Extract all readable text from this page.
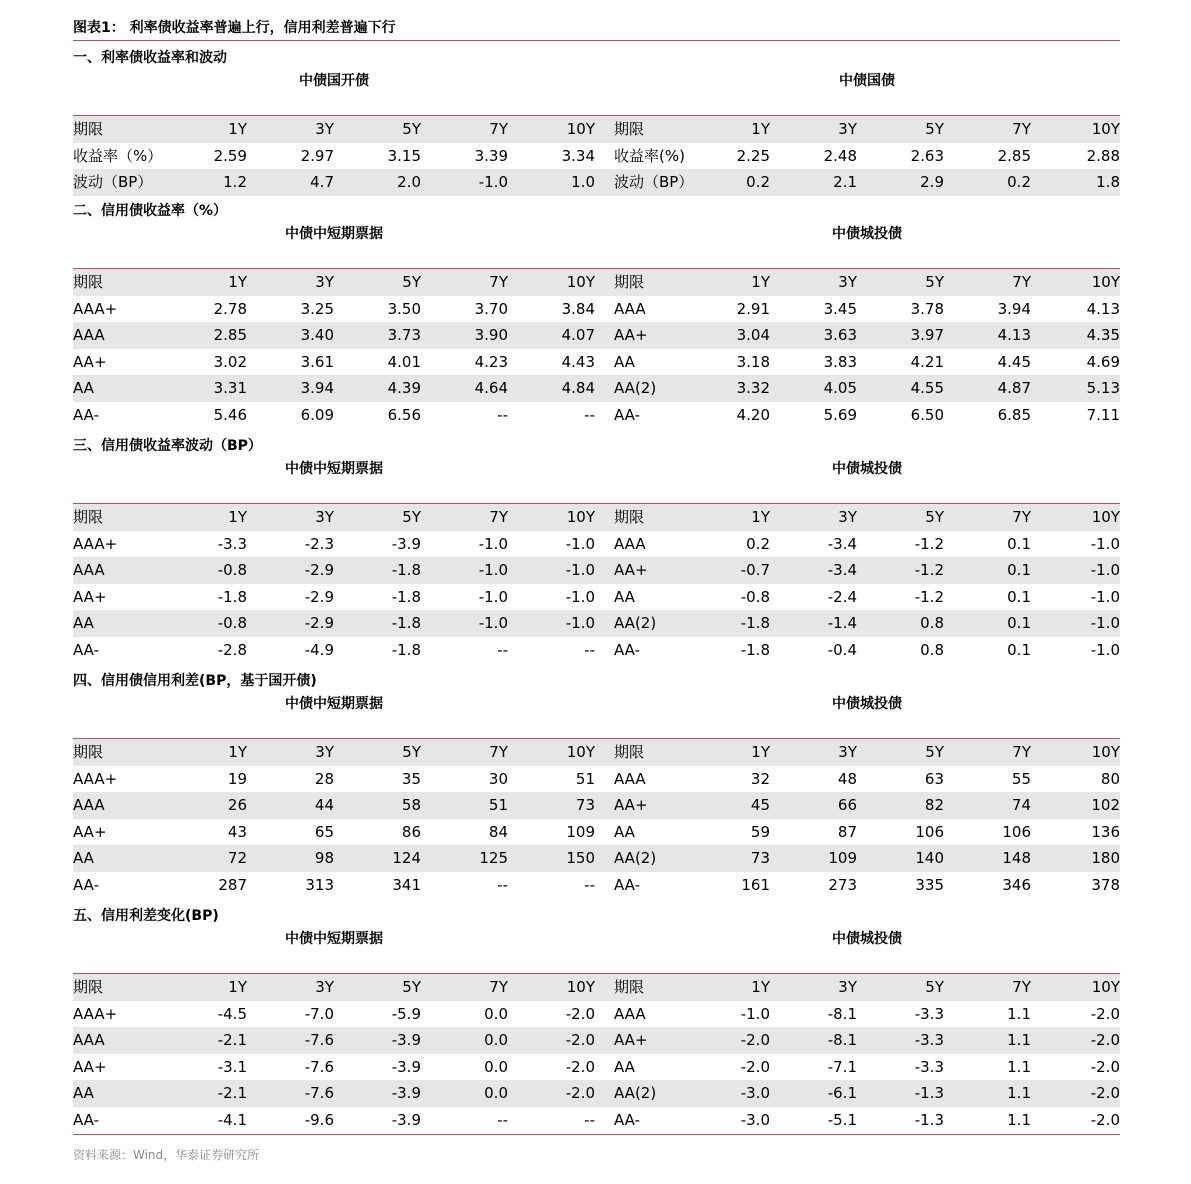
图表1： 利率债收益率普遍上行，信用利差普遍下行
一、利率债收益率和波动
中债国开债	中债国债
期限	1Y	3Y	5Y	7Y	10Y 期限	1Y	3Y	5Y	7Y	10Y
收益率（%）	2.59	2.97	3.15	3.39	3.34 收益率(%)	2.25	2.48	2.63	2.85	2.88
波动（BP）	1.2	4.7	2.0	-1.0	1.0 波动（BP）	0.2	2.1	2.9	0.2	1.8
二、信用债收益率（%）
中债中短期票据	中债城投债
期限	1Y	3Y	5Y	7Y	10Y 期限	1Y	3Y	5Y	7Y	10Y
AAA+	2.78	3.25	3.50	3.70	3.84 AAA	2.91	3.45	3.78	3.94	4.13
AAA	2.85	3.40	3.73	3.90	4.07 AA+	3.04	3.63	3.97	4.13	4.35
AA+	3.02	3.61	4.01	4.23	4.43 AA	3.18	3.83	4.21	4.45	4.69
AA	3.31	3.94	4.39	4.64	4.84 AA(2)	3.32	4.05	4.55	4.87	5.13
AA-	5.46	6.09	6.56	--	-- AA-	4.20	5.69	6.50	6.85	7.11
三、信用债收益率波动（BP）
中债中短期票据	中债城投债
期限	1Y	3Y	5Y	7Y	10Y 期限	1Y	3Y	5Y	7Y	10Y
AAA+	-3.3	-2.3	-3.9	-1.0	-1.0 AAA	0.2	-3.4	-1.2	0.1	-1.0
AAA	-0.8	-2.9	-1.8	-1.0	-1.0 AA+	-0.7	-3.4	-1.2	0.1	-1.0
AA+	-1.8	-2.9	-1.8	-1.0	-1.0 AA	-0.8	-2.4	-1.2	0.1	-1.0
AA	-0.8	-2.9	-1.8	-1.0	-1.0 AA(2)	-1.8	-1.4	0.8	0.1	-1.0
AA-	-2.8	-4.9	-1.8	--	-- AA-	-1.8	-0.4	0.8	0.1	-1.0
四、信用债信用利差(BP，基于国开债)
中债中短期票据	中债城投债
期限	1Y	3Y	5Y	7Y	10Y 期限	1Y	3Y	5Y	7Y	10Y
AAA+	19	28	35	30	51 AAA	32	48	63	55	80
AAA	26	44	58	51	73 AA+	45	66	82	74	102
AA+	43	65	86	84	109 AA	59	87	106	106	136
AA	72	98	124	125	150 AA(2)	73	109	140	148	180
AA-	287	313	341	--	-- AA-	161	273	335	346	378
五、信用利差变化(BP)
中债中短期票据	中债城投债
期限	1Y	3Y	5Y	7Y	10Y 期限	1Y	3Y	5Y	7Y	10Y
AAA+	-4.5	-7.0	-5.9	0.0	-2.0 AAA	-1.0	-8.1	-3.3	1.1	-2.0
AAA	-2.1	-7.6	-3.9	0.0	-2.0 AA+	-2.0	-8.1	-3.3	1.1	-2.0
AA+	-3.1	-7.6	-3.9	0.0	-2.0 AA	-2.0	-7.1	-3.3	1.1	-2.0
AA	-2.1	-7.6	-3.9	0.0	-2.0 AA(2)	-3.0	-6.1	-1.3	1.1	-2.0
AA-	-4.1	-9.6	-3.9	--	-- AA-	-3.0	-5.1	-1.3	1.1	-2.0
资料来源：Wind，华泰证券研究所
